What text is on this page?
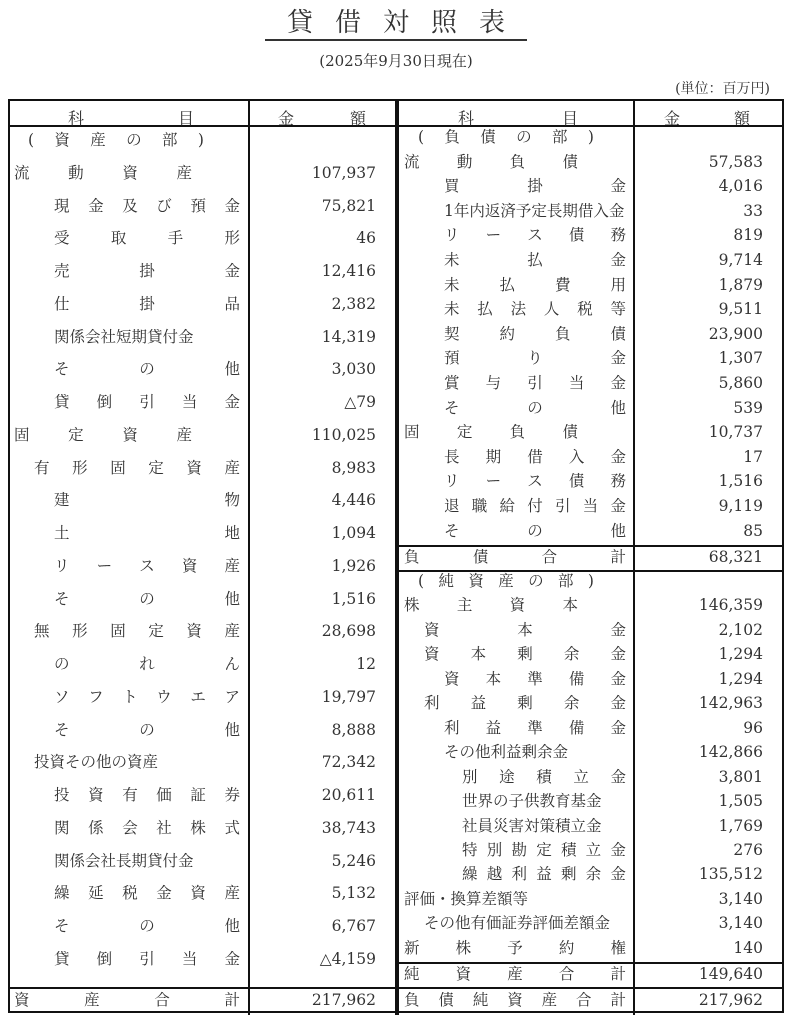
貸借対照表
(2025年9月30日現在)
(単位：百万円)
科	目	金	額	科	目	金	額
( 資 産 の 部 )
流 動 資 産	107,937
現 金 及 び 預 金	75,821
受	取	手	形	46
売	掛	金	12,416
仕	掛	品	2,382
関係会社短期貸付金	14,319
そ	の	他	3,030
貸 倒 引 当 金	△79
固 定 資 産	110,025
有 形 固 定 資 産	8,983
建	物	4,446
土	地	1,094
リ ー ス 資 産	1,926
そ	の	他	1,516
無 形 固 定 資 産	28,698
の	れ	ん	12
ソ フ ト ウ エ ア	19,797
そ	の	他	8,888
投資その他の資産	72,342
投 資 有 価 証 券	20,611
関 係 会 社 株 式	38,743
関係会社長期貸付金	5,246
繰 延 税 金 資 産	5,132
そ	の	他	6,767
貸 倒 引 当 金	△4,159
資	産	合	計	217,962
( 負 債 の 部 )
流 動 負 債	57,583
買	掛	金	4,016
1年内返済予定長期借入金	33
リ ー ス 債 務	819
未	払	金	9,714
未	払	費	用	1,879
未 払 法 人 税 等	9,511
契	約	負	債	23,900
預	り	金	1,307
賞 与 引 当 金	5,860
そ	の	他	539
固 定 負 債	10,737
長 期 借 入 金	17
リ ー ス 債 務	1,516
退 職 給 付 引 当 金	9,119
そ	の	他	85
負	債	合	計	68,321
( 純 資 産 の 部 )
株 主 資 本	146,359
資	本	金	2,102
資 本 剰 余 金	1,294
資 本 準 備 金	1,294
利 益 剰 余 金	142,963
利 益 準 備 金	96
その他利益剰余金	142,866
別 途 積 立 金	3,801
世界の子供教育基金	1,505
社員災害対策積立金	1,769
特 別 勘 定 積 立 金	276
繰 越 利 益 剰 余 金	135,512
評価・換算差額等	3,140
その他有価証券評価差額金	3,140
新 株 予 約 権	140
純 資 産 合 計	149,640
負 債 純 資 産 合 計	217,962
